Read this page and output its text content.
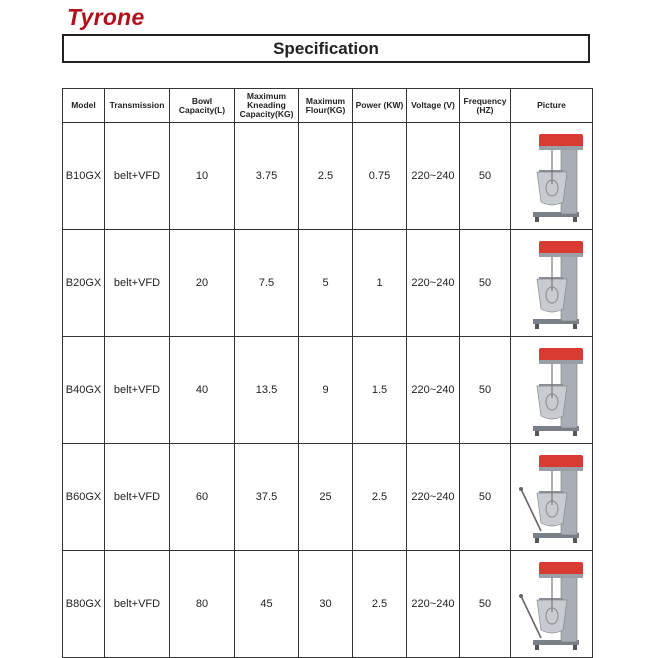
Tyrone
Specification
Model	Transmission	Bowl Capacity(L)	Maximum Kneading Capacity(KG)	Maximum Flour(KG)	Power (KW)	Voltage (V)	Frequency (HZ)	Picture
B10GX	belt+VFD	10	3.75	2.5	0.75	220~240	50	

B20GX	belt+VFD	20	7.5	5	1	220~240	50	

B40GX	belt+VFD	40	13.5	9	1.5	220~240	50	

B60GX	belt+VFD	60	37.5	25	2.5	220~240	50	

B80GX	belt+VFD	80	45	30	2.5	220~240	50	
